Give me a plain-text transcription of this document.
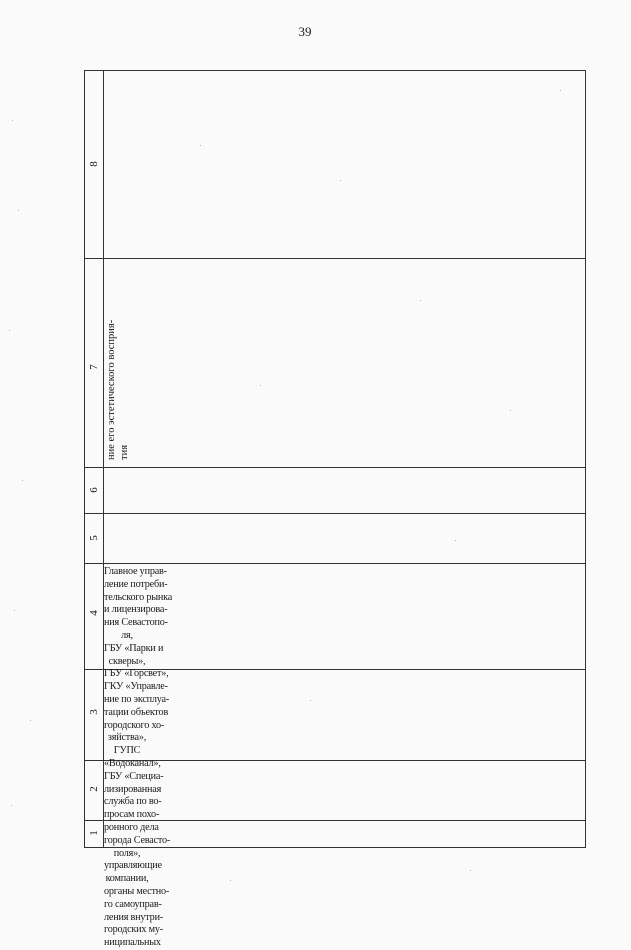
39
1
2
3
4
5
6
7
8
Главное управ-
ление потреби-
тельского рынка
и лицензирова-
ния Севастопо-
ля,
ГБУ «Парки и
скверы»,
ГБУ «Горсвет»,
ГКУ «Управле-
ние по эксплуа-
тации объектов
городского хо-
зяйства»,
ГУПС
«Водоканал»,
ГБУ «Специа-
лизированная
служба по во-
просам похо-
ронного дела
города Севасто-
поля»,
управляющие
компании,
органы местно-
го самоуправ-
ления внутри-
городских му-
ниципальных
ние его эстетического восприя- тия
